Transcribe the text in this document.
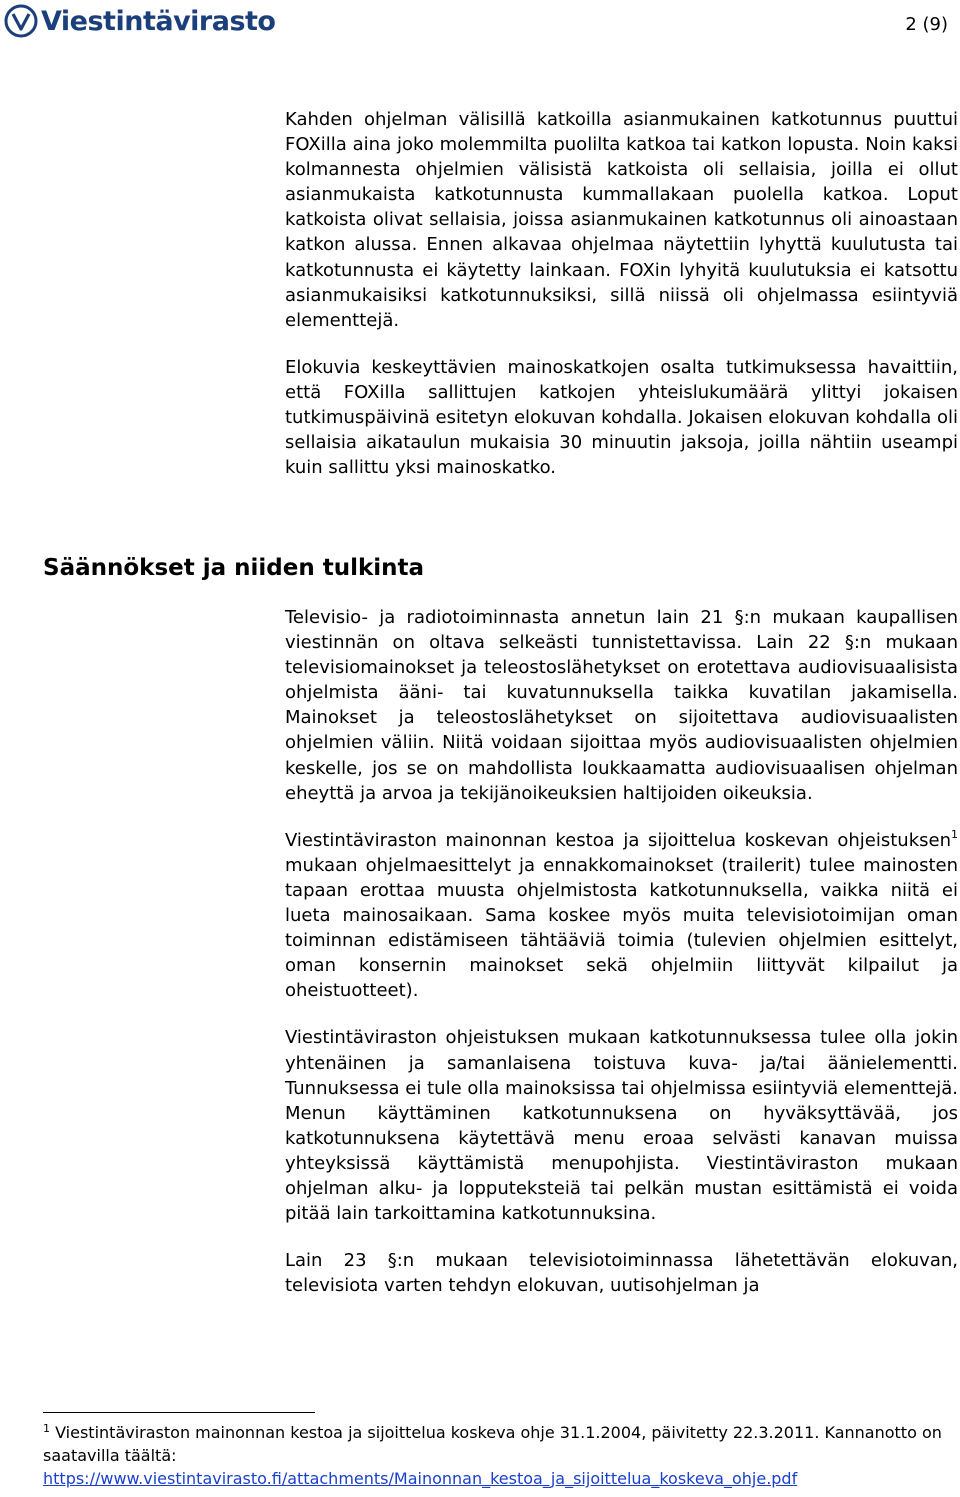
Viestintävirasto	2 (9)
Säännökset ja niiden tulkinta

Kahden ohjelman välisillä katkoilla asianmukainen katkotunnus puuttui FOXilla aina joko molemmilta puolilta katkoa tai katkon lopusta. Noin kaksi kolmannesta ohjelmien välisistä katkoista oli sellaisia, joilla ei ollut asianmukaista katkotunnusta kummallakaan puolella katkoa. Loput katkoista olivat sellaisia, joissa asianmukainen katkotunnus oli ainoastaan katkon alussa. Ennen alkavaa ohjelmaa näytettiin lyhyttä kuulutusta tai katkotunnusta ei käytetty lainkaan. FOXin lyhyitä kuulutuksia ei katsottu asianmukaisiksi katkotunnuksiksi, sillä niissä oli ohjelmassa esiintyviä elementtejä.

Elokuvia keskeyttävien mainoskatkojen osalta tutkimuksessa havaittiin, että FOXilla sallittujen katkojen yhteislukumäärä ylittyi jokaisen tutkimuspäivinä esitetyn elokuvan kohdalla. Jokaisen elokuvan kohdalla oli sellaisia aikataulun mukaisia 30 minuutin jaksoja, joilla nähtiin useampi kuin sallittu yksi mainoskatko.

Televisio- ja radiotoiminnasta annetun lain 21 §:n mukaan kaupallisen viestinnän on oltava selkeästi tunnistettavissa. Lain 22 §:n mukaan televisiomainokset ja teleostoslähetykset on erotettava audiovisuaalisista ohjelmista ääni- tai kuvatunnuksella taikka kuvatilan jakamisella. Mainokset ja teleostoslähetykset on sijoitettava audiovisuaalisten ohjelmien väliin. Niitä voidaan sijoittaa myös audiovisuaalisten ohjelmien keskelle, jos se on mahdollista loukkaamatta audiovisuaalisen ohjelman eheyttä ja arvoa ja tekijänoikeuksien haltijoiden oikeuksia.

Viestintäviraston mainonnan kestoa ja sijoittelua koskevan ohjeistuksen$^1$ mukaan ohjelmaesittelyt ja ennakkomainokset (trailerit) tulee mainosten tapaan erottaa muusta ohjelmistosta katkotunnuksella, vaikka niitä ei lueta mainosaikaan. Sama koskee myös muita televisiotoimijan oman toiminnan edistämiseen tähtääviä toimia (tulevien ohjelmien esittelyt, oman konsernin mainokset sekä ohjelmiin liittyvät kilpailut ja oheistuotteet).

Viestintäviraston ohjeistuksen mukaan katkotunnuksessa tulee olla jokin yhtenäinen ja samanlaisena toistuva kuva- ja/tai äänielementti. Tunnuksessa ei tule olla mainoksissa tai ohjelmissa esiintyviä elementtejä. Menun käyttäminen katkotunnuksena on hyväksyttävää, jos katkotunnuksena käytettävä menu eroaa selvästi kanavan muissa yhteyksissä käyttämistä menupohjista. Viestintäviraston mukaan ohjelman alku- ja lopputeksteiä tai pelkän mustan esittämistä ei voida pitää lain tarkoittamina katkotunnuksina.

Lain 23 §:n mukaan televisiotoiminnassa lähetettävän elokuvan, televisiota varten tehdyn elokuvan, uutisohjelman ja

$^1$ Viestintäviraston mainonnan kestoa ja sijoittelua koskeva ohje 31.1.2004, päivitetty 22.3.2011. Kannanotto on saatavilla täältä:
https://www.viestintavirasto.fi/attachments/Mainonnan_kestoa_ja_sijoittelua_koskeva_ohje.pdf
